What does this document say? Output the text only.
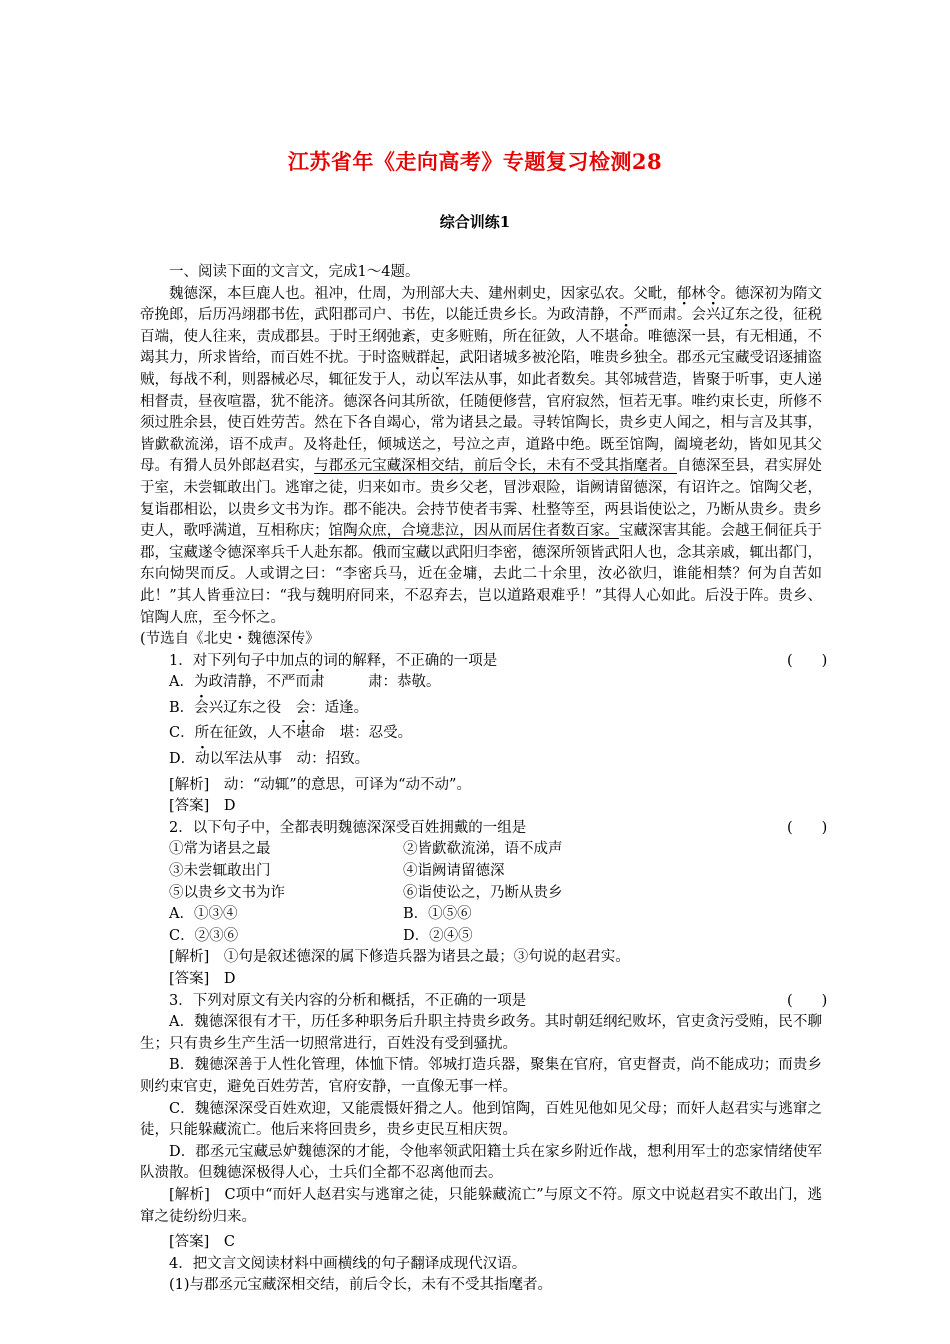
江苏省年《走向高考》专题复习检测28
综合训练1

一、阅读下面的文言文，完成1～4题。

魏德深，本巨鹿人也。祖冲，仕周，为刑部大夫、建州刺史，因家弘农。父毗，郁林令。德深初为隋文帝挽郎，后历冯翊郡书佐，武阳郡司户、书佐，以能迁贵乡长。为政清静，不严而肃。会兴辽东之役，征税百端，使人往来，责成郡县。于时王纲弛紊，吏多赃贿，所在征敛，人不堪命。唯德深一县，有无相通，不竭其力，所求皆给，而百姓不扰。于时盗贼群起，武阳诸城多被沦陷，唯贵乡独全。郡丞元宝藏受诏逐捕盗贼，每战不利，则器械必尽，辄征发于人，动以军法从事，如此者数矣。其邻城营造，皆聚于听事，吏人递相督责，昼夜喧嚣，犹不能济。德深各问其所欲，任随便修营，官府寂然，恒若无事。唯约束长吏，所修不须过胜余县，使百姓劳苦。然在下各自竭心，常为诸县之最。寻转馆陶长，贵乡吏人闻之，相与言及其事，皆歔欷流涕，语不成声。及将赴任，倾城送之，号泣之声，道路中绝。既至馆陶，阖境老幼，皆如见其父母。有猾人员外郎赵君实，与郡丞元宝藏深相交结，前后令长，未有不受其指麾者。自德深至县，君实屏处于室，未尝辄敢出门。逃窜之徒，归来如市。贵乡父老，冒涉艰险，诣阙请留德深，有诏许之。馆陶父老，复诣郡相讼，以贵乡文书为诈。郡不能决。会持节使者韦霁、杜整等至，两县诣使讼之，乃断从贵乡。贵乡吏人，歌呼满道，互相称庆；馆陶众庶，合境悲泣，因从而居住者数百家。宝藏深害其能。会越王侗征兵于郡，宝藏遂令德深率兵千人赴东都。俄而宝藏以武阳归李密，德深所领皆武阳人也，念其亲戚，辄出都门，东向恸哭而反。人或谓之曰：“李密兵马，近在金墉，去此二十余里，汝必欲归，谁能相禁？何为自苦如此！”其人皆垂泣曰：“我与魏明府同来，不忍弃去，岂以道路艰难乎！”其得人心如此。后没于阵。贵乡、馆陶人庶，至今怀之。

(节选自《北史・魏德深传》

1．对下列句子中加点的词的解释，不正确的一项是	(　　)

A．为政清静，不严而肃　　　肃：恭敬。

B．会兴辽东之役　会：适逢。

C．所在征敛，人不堪命　堪：忍受。

D．动以军法从事　动：招致。

[解析]　动：“动辄”的意思，可译为“动不动”。

[答案]　D

2．以下句子中，全都表明魏德深深受百姓拥戴的一组是	(　　)
①常为诸县之最	②皆歔欷流涕，语不成声
③未尝辄敢出门	④诣阙请留德深
⑤以贵乡文书为诈	⑥诣使讼之，乃断从贵乡
A．①③④	B．①⑤⑥
C．②③⑥	D．②④⑤

[解析]　①句是叙述德深的属下修造兵器为诸县之最；③句说的赵君实。

[答案]　D

3．下列对原文有关内容的分析和概括，不正确的一项是	(　　)

A．魏德深很有才干，历任多种职务后升职主持贵乡政务。其时朝廷纲纪败坏，官吏贪污受贿，民不聊生；只有贵乡生产生活一切照常进行，百姓没有受到骚扰。

B．魏德深善于人性化管理，体恤下情。邻城打造兵器，聚集在官府，官吏督责，尚不能成功；而贵乡则约束官吏，避免百姓劳苦，官府安静，一直像无事一样。

C．魏德深深受百姓欢迎，又能震慑奸猾之人。他到馆陶，百姓见他如见父母；而奸人赵君实与逃窜之徒，只能躲藏流亡。他后来将回贵乡，贵乡吏民互相庆贺。

D．郡丞元宝藏忌妒魏德深的才能，令他率领武阳籍士兵在家乡附近作战，想利用军士的恋家情绪使军队溃散。但魏德深极得人心，士兵们全都不忍离他而去。

[解析]　C项中“而奸人赵君实与逃窜之徒，只能躲藏流亡”与原文不符。原文中说赵君实不敢出门，逃窜之徒纷纷归来。

[答案]　C

4．把文言文阅读材料中画横线的句子翻译成现代汉语。

(1)与郡丞元宝藏深相交结，前后令长，未有不受其指麾者。
